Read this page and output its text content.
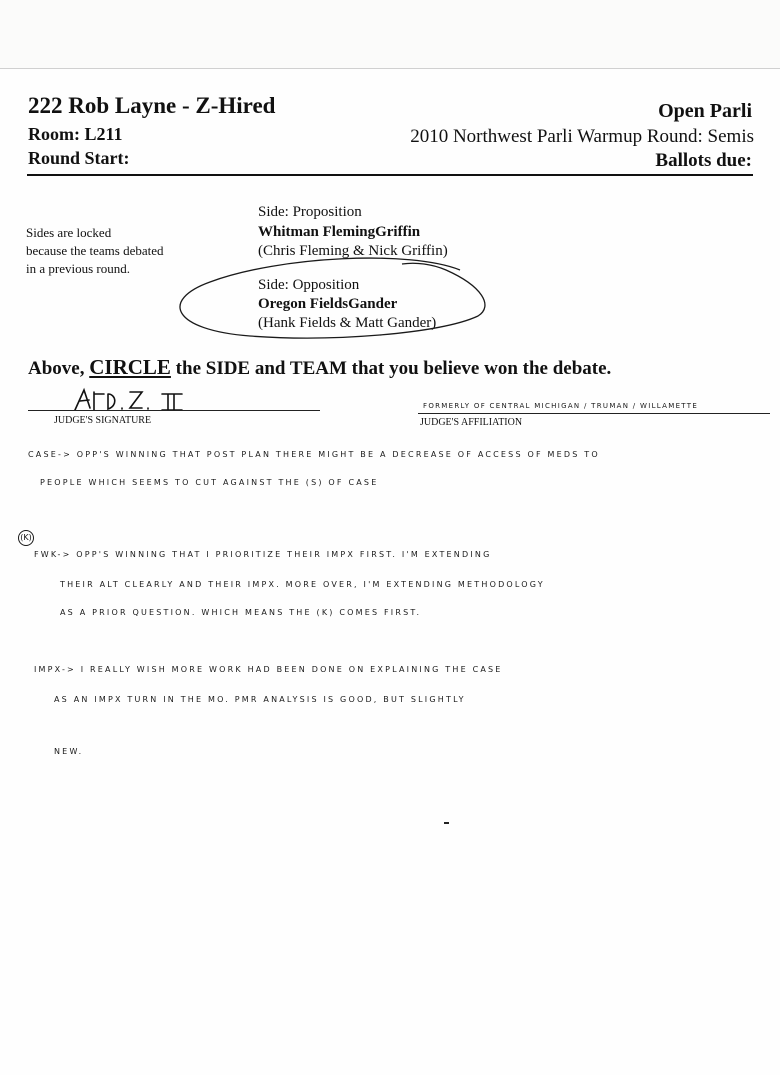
222 Rob Layne - Z-Hired
Room: L211
Round Start:
Open Parli
2010 Northwest Parli Warmup Round: Semis
Ballots due:
Sides are locked
because the teams debated
in a previous round.
Side: Proposition
Whitman FlemingGriffin
(Chris Fleming & Nick Griffin)
Side: Opposition
Oregon FieldsGander
(Hank Fields & Matt Gander)
Above, CIRCLE the SIDE and TEAM that you believe won the debate.
JUDGE'S SIGNATURE
FORMERLY OF CENTRAL MICHIGAN / TRUMAN / WILLAMETTE
JUDGE'S AFFILIATION
CASE-> OPP'S WINNING THAT POST PLAN THERE MIGHT BE A DECREASE OF ACCESS OF MEDS TO
PEOPLE WHICH SEEMS TO CUT AGAINST THE (S) OF CASE
(K)
FWK-> OPP'S WINNING THAT I PRIORITIZE THEIR IMPX FIRST. I'M EXTENDING
THEIR ALT CLEARLY AND THEIR IMPX. MORE OVER, I'M EXTENDING METHODOLOGY
AS A PRIOR QUESTION. WHICH MEANS THE (K) COMES FIRST.
IMPX-> I REALLY WISH MORE WORK HAD BEEN DONE ON EXPLAINING THE CASE
AS AN IMPX TURN IN THE MO. PMR ANALYSIS IS GOOD, BUT SLIGHTLY
NEW.
